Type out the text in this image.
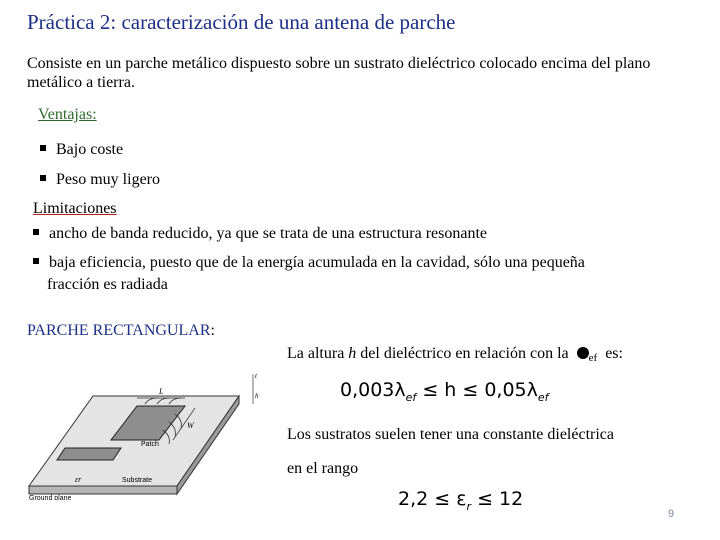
Práctica 2: caracterización de una antena de parche
Consiste en un parche metálico dispuesto sobre un sustrato dieléctrico colocado encima del plano metálico a tierra.
Ventajas:
Bajo coste
Peso muy ligero
Limitaciones
ancho de banda reducido, ya que se trata de una estructura resonante
baja eficiencia, puesto que de la energía acumulada en la cavidad, sólo una pequeña
fracción es radiada
PARCHE RECTANGULAR:
La altura h del dieléctrico en relación con la $_{ef}$ es:
$0,003\lambda_{ef} \le h \le 0,05\lambda_{ef}$
Los sustratos suelen tener una constante dieléctrica
en el rango
$2,2 \le \varepsilon_r \le 12$
Patch
Substrate
Ground plane
εr
L
W
t
h
9
